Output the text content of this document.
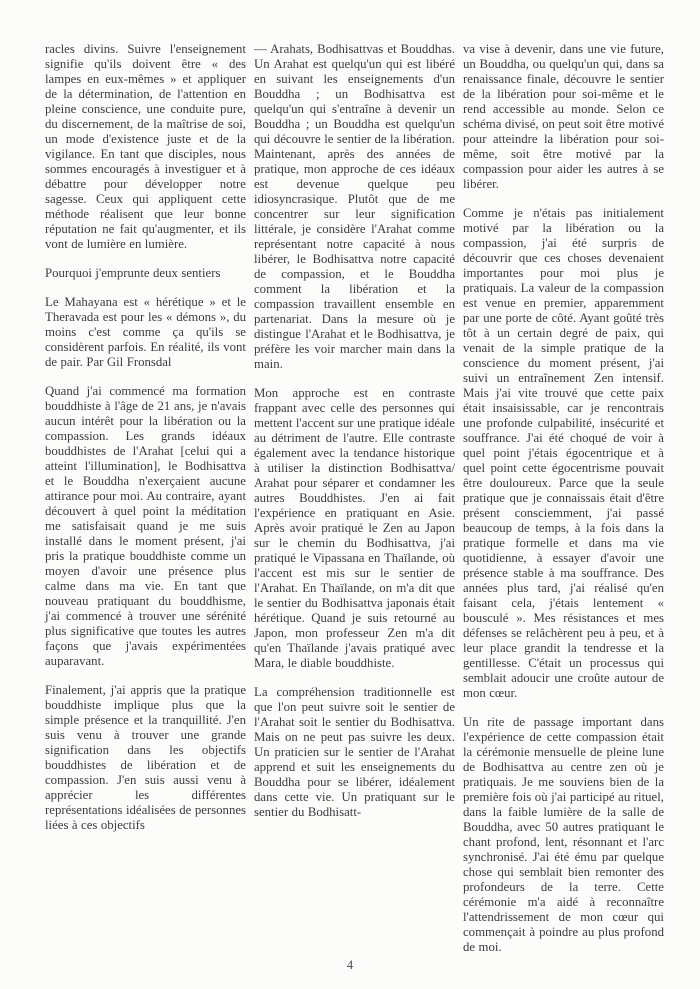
racles divins. Suivre l'enseignement signifie qu'ils doivent être « des lampes en eux-mêmes » et appliquer de la détermination, de l'attention en pleine conscience, une conduite pure, du discernement, de la maîtrise de soi, un mode d'existence juste et de la vigilance. En tant que disciples, nous sommes encouragés à investiguer et à débattre pour développer notre sagesse. Ceux qui appliquent cette méthode réalisent que leur bonne réputation ne fait qu'augmenter, et ils vont de lumière en lumière.

Pourquoi j'emprunte deux sentiers

Le Mahayana est « hérétique » et le Theravada est pour les « démons », du moins c'est comme ça qu'ils se considèrent parfois. En réalité, ils vont de pair. Par Gil Fronsdal

Quand j'ai commencé ma formation bouddhiste à l'âge de 21 ans, je n'avais aucun intérêt pour la libération ou la compassion. Les grands idéaux bouddhistes de l'Arahat [celui qui a atteint l'illumination], le Bodhisattva et le Bouddha n'exerçaient aucune attirance pour moi. Au contraire, ayant découvert à quel point la méditation me satisfaisait quand je me suis installé dans le moment présent, j'ai pris la pratique bouddhiste comme un moyen d'avoir une présence plus calme dans ma vie. En tant que nouveau pratiquant du bouddhisme, j'ai commencé à trouver une sérénité plus significative que toutes les autres façons que j'avais expérimentées auparavant.

Finalement, j'ai appris que la pratique bouddhiste implique plus que la simple présence et la tranquillité. J'en suis venu à trouver une grande signification dans les objectifs bouddhistes de libération et de compassion. J'en suis aussi venu à apprécier les différentes représentations idéalisées de personnes liées à ces objectifs

— Arahats, Bodhisattvas et Bouddhas. Un Arahat est quelqu'un qui est libéré en suivant les enseignements d'un Bouddha ; un Bodhisattva est quelqu'un qui s'entraîne à devenir un Bouddha ; un Bouddha est quelqu'un qui découvre le sentier de la libération. Maintenant, après des années de pratique, mon approche de ces idéaux est devenue quelque peu idiosyncrasique. Plutôt que de me concentrer sur leur signification littérale, je considère l'Arahat comme représentant notre capacité à nous libérer, le Bodhisattva notre capacité de compassion, et le Bouddha comment la libération et la compassion travaillent ensemble en partenariat. Dans la mesure où je distingue l'Arahat et le Bodhisattva, je préfère les voir marcher main dans la main.

Mon approche est en contraste frappant avec celle des personnes qui mettent l'accent sur une pratique idéale au détriment de l'autre. Elle contraste également avec la tendance historique à utiliser la distinction Bodhisattva/ Arahat pour séparer et condamner les autres Bouddhistes. J'en ai fait l'expérience en pratiquant en Asie. Après avoir pratiqué le Zen au Japon sur le chemin du Bodhisattva, j'ai pratiqué le Vipassana en Thaïlande, où l'accent est mis sur le sentier de l'Arahat. En Thaïlande, on m'a dit que le sentier du Bodhisattva japonais était hérétique. Quand je suis retourné au Japon, mon professeur Zen m'a dit qu'en Thaïlande j'avais pratiqué avec Mara, le diable bouddhiste.

La compréhension traditionnelle est que l'on peut suivre soit le sentier de l'Arahat soit le sentier du Bodhisattva. Mais on ne peut pas suivre les deux. Un praticien sur le sentier de l'Arahat apprend et suit les enseignements du Bouddha pour se libérer, idéalement dans cette vie. Un pratiquant sur le sentier du Bodhisatt-

va vise à devenir, dans une vie future, un Bouddha, ou quelqu'un qui, dans sa renaissance finale, découvre le sentier de la libération pour soi-même et le rend accessible au monde. Selon ce schéma divisé, on peut soit être motivé pour atteindre la libération pour soi-même, soit être motivé par la compassion pour aider les autres à se libérer.

Comme je n'étais pas initialement motivé par la libération ou la compassion, j'ai été surpris de découvrir que ces choses devenaient importantes pour moi plus je pratiquais. La valeur de la compassion est venue en premier, apparemment par une porte de côté. Ayant goûté très tôt à un certain degré de paix, qui venait de la simple pratique de la conscience du moment présent, j'ai suivi un entraînement Zen intensif. Mais j'ai vite trouvé que cette paix était insaisissable, car je rencontrais une profonde culpabilité, insécurité et souffrance. J'ai été choqué de voir à quel point j'étais égocentrique et à quel point cette égocentrisme pouvait être douloureux. Parce que la seule pratique que je connaissais était d'être présent consciemment, j'ai passé beaucoup de temps, à la fois dans la pratique formelle et dans ma vie quotidienne, à essayer d'avoir une présence stable à ma souffrance. Des années plus tard, j'ai réalisé qu'en faisant cela, j'étais lentement « bousculé ». Mes résistances et mes défenses se relâchèrent peu à peu, et à leur place grandit la tendresse et la gentillesse. C'était un processus qui semblait adoucir une croûte autour de mon cœur.

Un rite de passage important dans l'expérience de cette compassion était la cérémonie mensuelle de pleine lune de Bodhisattva au centre zen où je pratiquais. Je me souviens bien de la première fois où j'ai participé au rituel, dans la faible lumière de la salle de Bouddha, avec 50 autres pratiquant le chant profond, lent, résonnant et l'arc synchronisé. J'ai été ému par quelque chose qui semblait bien remonter des profondeurs de la terre. Cette cérémonie m'a aidé à reconnaître l'attendrissement de mon cœur qui commençait à poindre au plus profond de moi.

4
